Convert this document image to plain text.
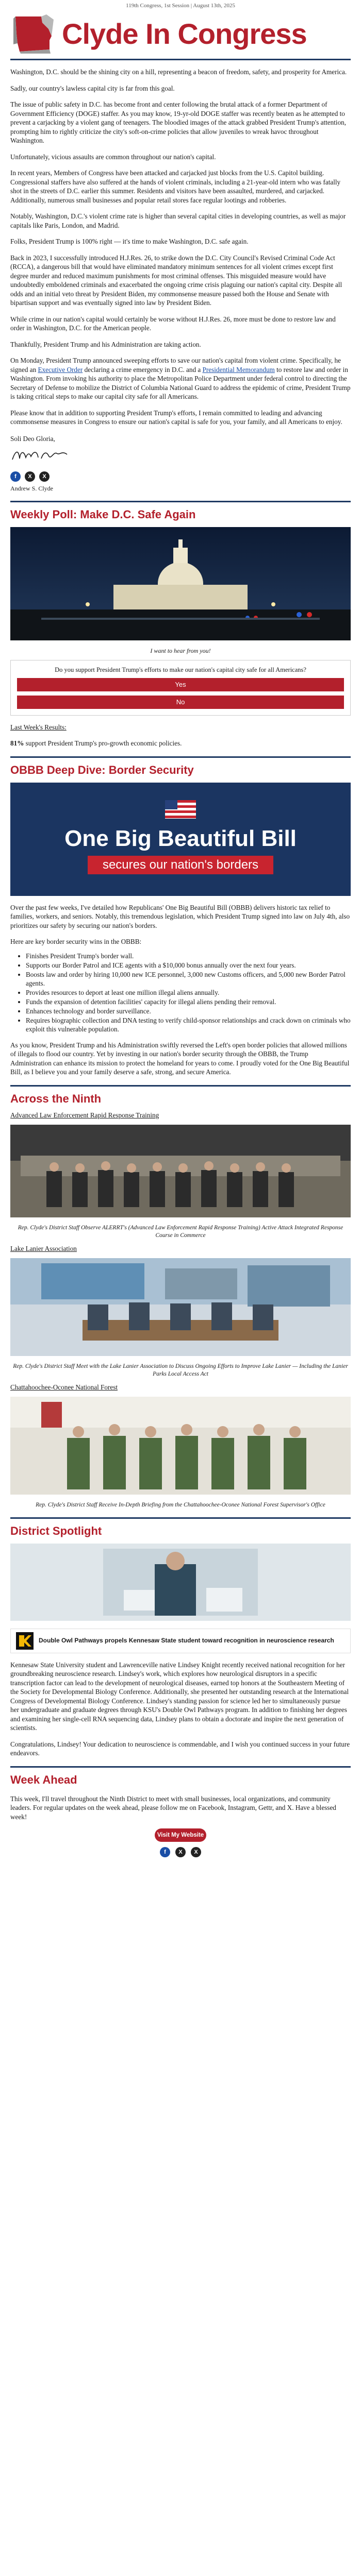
119th Congress, 1st Session | August 13th, 2025
Clyde In Congress

Washington, D.C. should be the shining city on a hill, representing a beacon of freedom, safety, and prosperity for America.

Sadly, our country's lawless capital city is far from this goal.

The issue of public safety in D.C. has become front and center following the brutal attack of a former Department of Government Efficiency (DOGE) staffer. As you may know, 19-yr-old DOGE staffer was recently beaten as he attempted to prevent a carjacking by a violent gang of teenagers. The bloodied images of the attack grabbed President Trump's attention, prompting him to rightly criticize the city's soft-on-crime policies that allow juveniles to wreak havoc throughout Washington.

Unfortunately, vicious assaults are common throughout our nation's capital.

In recent years, Members of Congress have been attacked and carjacked just blocks from the U.S. Capitol building. Congressional staffers have also suffered at the hands of violent criminals, including a 21-year-old intern who was fatally shot in the streets of D.C. earlier this summer. Residents and visitors have been assaulted, murdered, and carjacked. Additionally, numerous small businesses and popular retail stores face regular lootings and robberies.

Notably, Washington, D.C.'s violent crime rate is higher than several capital cities in developing countries, as well as major capitals like Paris, London, and Madrid.

Folks, President Trump is 100% right — it's time to make Washington, D.C. safe again.

Back in 2023, I successfully introduced H.J.Res. 26, to strike down the D.C. City Council's Revised Criminal Code Act (RCCA), a dangerous bill that would have eliminated mandatory minimum sentences for all violent crimes except first degree murder and reduced maximum punishments for most criminal offenses. This misguided measure would have undoubtedly emboldened criminals and exacerbated the ongoing crime crisis plaguing our nation's capital city. Despite all odds and an initial veto threat by President Biden, my commonsense measure passed both the House and Senate with bipartisan support and was eventually signed into law by President Biden.

While crime in our nation's capital would certainly be worse without H.J.Res. 26, more must be done to restore law and order in Washington, D.C. for the American people.

Thankfully, President Trump and his Administration are taking action.

On Monday, President Trump announced sweeping efforts to save our nation's capital from violent crime. Specifically, he signed an Executive Order declaring a crime emergency in D.C. and a Presidential Memorandum to restore law and order in Washington. From invoking his authority to place the Metropolitan Police Department under federal control to directing the Secretary of Defense to mobilize the District of Columbia National Guard to address the epidemic of crime, President Trump is taking critical steps to make our capital city safe for all Americans.

Please know that in addition to supporting President Trump's efforts, I remain committed to leading and advancing commonsense measures in Congress to ensure our nation's capital is safe for you, your family, and all Americans to enjoy.

Soli Deo Gloria,
f	X	X
Andrew S. Clyde
Weekly Poll: Make D.C. Safe Again
I want to hear from you!
Do you support President Trump's efforts to make our nation's capital city safe for all Americans?
Yes
No

Last Week's Results:

81% support President Trump's pro-growth economic policies.

OBBB Deep Dive: Border Security
One Big Beautiful Bill
secures our nation's borders

Over the past few weeks, I've detailed how Republicans' One Big Beautiful Bill (OBBB) delivers historic tax relief to families, workers, and seniors. Notably, this tremendous legislation, which President Trump signed into law on July 4th, also prioritizes our safety by securing our nation's borders.

Here are key border security wins in the OBBB:

• Finishes President Trump's border wall.
• Supports our Border Patrol and ICE agents with a $10,000 bonus annually over the next four years.
• Boosts law and order by hiring 10,000 new ICE personnel, 3,000 new Customs officers, and 5,000 new Border Patrol agents.
• Provides resources to deport at least one million illegal aliens annually.
• Funds the expansion of detention facilities' capacity for illegal aliens pending their removal.
• Enhances technology and border surveillance.
• Requires biographic collection and DNA testing to verify child-sponsor relationships and crack down on criminals who exploit this vulnerable population.

As you know, President Trump and his Administration swiftly reversed the Left's open border policies that allowed millions of illegals to flood our country. Yet by investing in our nation's border security through the OBBB, the Trump Administration can enhance its mission to protect the homeland for years to come. I proudly voted for the One Big Beautiful Bill, as I believe you and your family deserve a safe, strong, and secure America.

Across the Ninth
Advanced Law Enforcement Rapid Response Training
Rep. Clyde's District Staff Observe ALERRT's (Advanced Law Enforcement Rapid Response Training) Active Attack Integrated Response Course in Commerce
Lake Lanier Association
Rep. Clyde's District Staff Meet with the Lake Lanier Association to Discuss Ongoing Efforts to Improve Lake Lanier — Including the Lanier Parks Local Access Act
Chattahoochee-Oconee National Forest
Rep. Clyde's District Staff Receive In-Depth Briefing from the Chattahoochee-Oconee National Forest Supervisor's Office
District Spotlight
Double Owl Pathways propels Kennesaw State student toward recognition in neuroscience research

Kennesaw State University student and Lawrenceville native Lindsey Knight recently received national recognition for her groundbreaking neuroscience research. Lindsey's work, which explores how neurological disruptors in a specific transcription factor can lead to the development of neurological diseases, earned top honors at the Southeastern Meeting of the Society for Developmental Biology Conference. Additionally, she presented her outstanding research at the International Congress of Developmental Biology Conference. Lindsey's standing passion for science led her to simultaneously pursue her undergraduate and graduate degrees through KSU's Double Owl Pathways program. In addition to finishing her degrees and examining her single-cell RNA sequencing data, Lindsey plans to obtain a doctorate and inspire the next generation of scientists.

Congratulations, Lindsey! Your dedication to neuroscience is commendable, and I wish you continued success in your future endeavors.

Week Ahead

This week, I'll travel throughout the Ninth District to meet with small businesses, local organizations, and community leaders. For regular updates on the week ahead, please follow me on Facebook, Instagram, Gettr, and X. Have a blessed week!

Visit My Website
f	X	X
